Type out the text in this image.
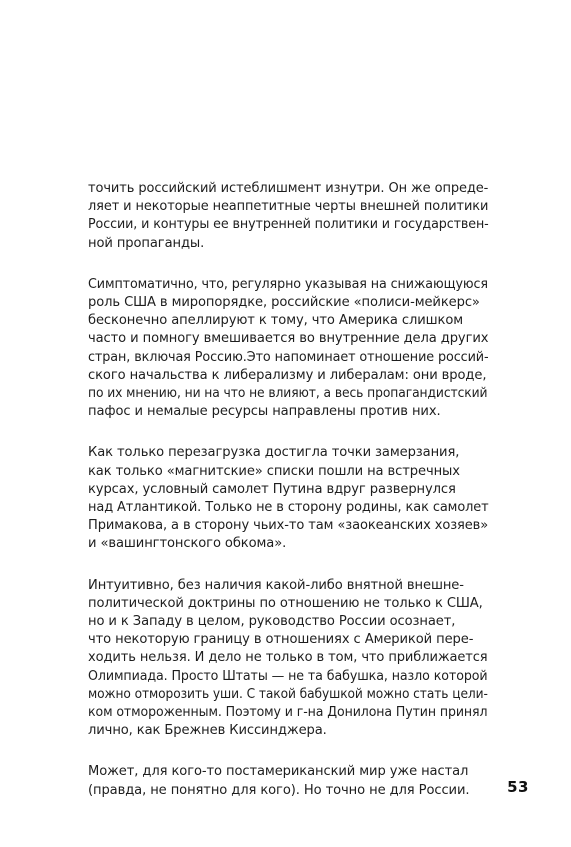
точить российский истеблишмент изнутри. Он же опреде-
ляет и некоторые неаппетитные черты внешней политики
России, и контуры ее внутренней политики и государствен-
ной пропаганды.

Симптоматично, что, регулярно указывая на снижающуюся
роль США в миропорядке, российские «полиси-мейкерс»
бесконечно апеллируют к тому, что Америка слишком
часто и помногу вмешивается во внутренние дела других
стран, включая Россию.Это напоминает отношение россий-
ского начальства к либерализму и либералам: они вроде,
по их мнению, ни на что не влияют, а весь пропагандистский
пафос и немалые ресурсы направлены против них.

Как только перезагрузка достигла точки замерзания,
как только «магнитские» списки пошли на встречных
курсах, условный самолет Путина вдруг развернулся
над Атлантикой. Только не в сторону родины, как самолет
Примакова, а в сторону чьих-то там «заокеанских хозяев»
и «вашингтонского обкома».

Интуитивно, без наличия какой-либо внятной внешне-
политической доктрины по отношению не только к США,
но и к Западу в целом, руководство России осознает,
что некоторую границу в отношениях с Америкой пере-
ходить нельзя. И дело не только в том, что приближается
Олимпиада. Просто Штаты — не та бабушка, назло которой
можно отморозить уши. С такой бабушкой можно стать цели-
ком отмороженным. Поэтому и г-на Донилона Путин принял
лично, как Брежнев Киссинджера.

Может, для кого-то постамериканский мир уже настал
(правда, не понятно для кого). Но точно не для России.	53
